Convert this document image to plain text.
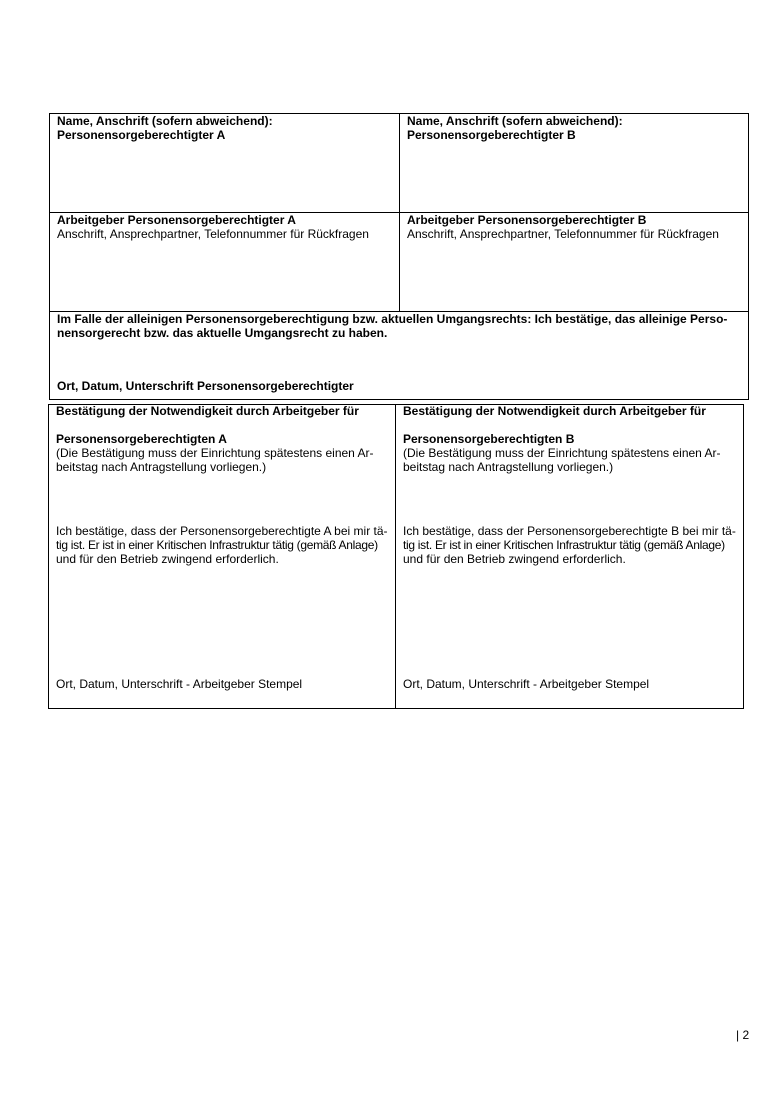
Name, Anschrift (sofern abweichend):
Personensorgeberechtigter A
Name, Anschrift (sofern abweichend):
Personensorgeberechtigter B
Arbeitgeber Personensorgeberechtigter A
Anschrift, Ansprechpartner, Telefonnummer für Rückfragen
Arbeitgeber Personensorgeberechtigter B
Anschrift, Ansprechpartner, Telefonnummer für Rückfragen
Im Falle der alleinigen Personensorgeberechtigung bzw. aktuellen Umgangsrechts: Ich bestätige, das alleinige Perso-
nensorgerecht bzw. das aktuelle Umgangsrecht zu haben.
Ort, Datum, Unterschrift Personensorgeberechtigter
Bestätigung der Notwendigkeit durch Arbeitgeber für
Personensorgeberechtigten A
(Die Bestätigung muss der Einrichtung spätestens einen Ar-
beitstag nach Antragstellung vorliegen.)
Ich bestätige, dass der Personensorgeberechtigte A bei mir tä-
tig ist. Er ist in einer Kritischen Infrastruktur tätig (gemäß Anlage)
und für den Betrieb zwingend erforderlich.
Ort, Datum, Unterschrift - Arbeitgeber Stempel
Bestätigung der Notwendigkeit durch Arbeitgeber für
Personensorgeberechtigten B
(Die Bestätigung muss der Einrichtung spätestens einen Ar-
beitstag nach Antragstellung vorliegen.)
Ich bestätige, dass der Personensorgeberechtigte B bei mir tä-
tig ist. Er ist in einer Kritischen Infrastruktur tätig (gemäß Anlage)
und für den Betrieb zwingend erforderlich.
Ort, Datum, Unterschrift - Arbeitgeber Stempel
| 2
